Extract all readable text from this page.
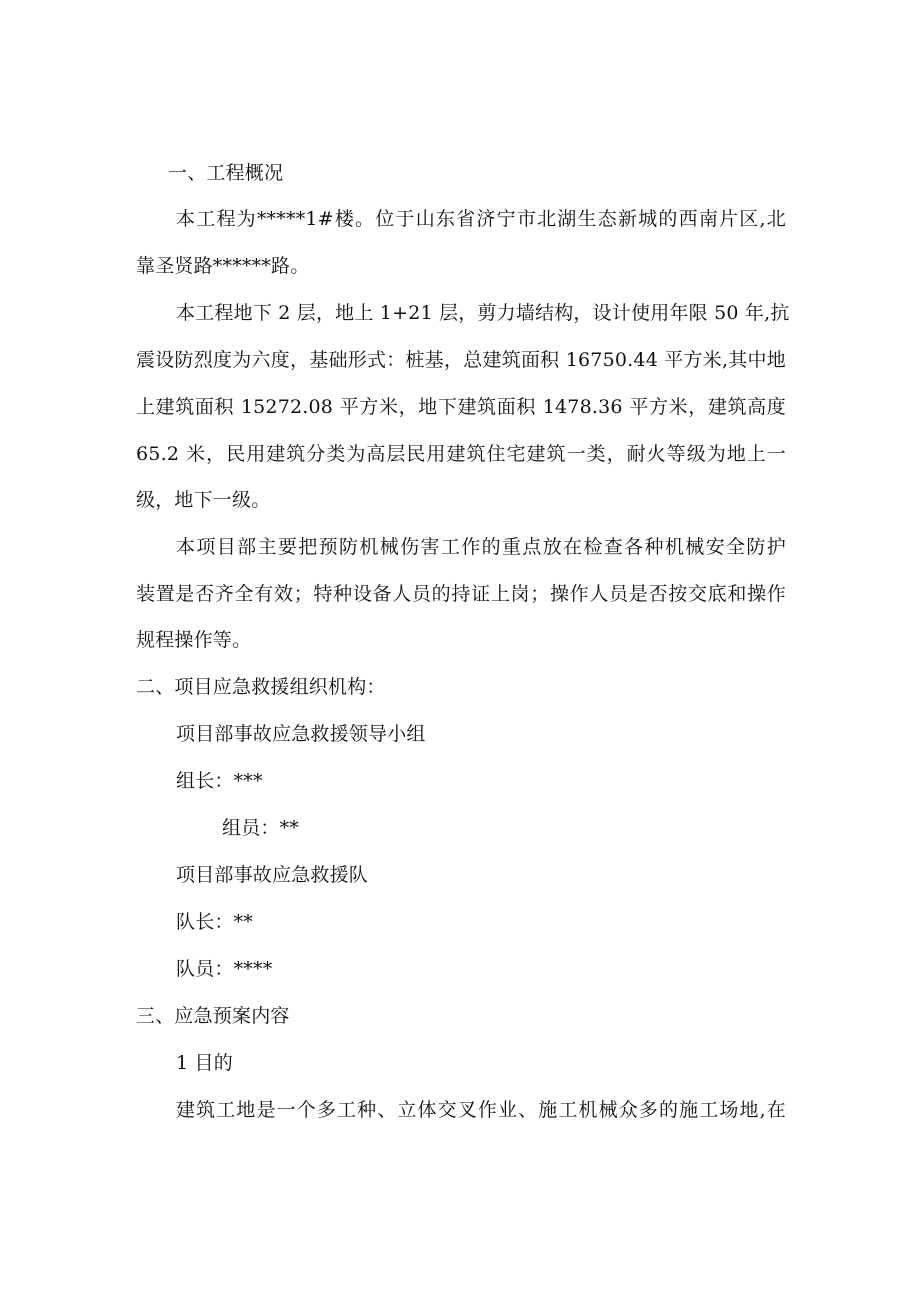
一、工程概况
本工程为*****1#楼。位于山东省济宁市北湖生态新城的西南片区,北
靠圣贤路******路。
本工程地下 2 层，地上 1+21 层，剪力墙结构，设计使用年限 50 年,抗
震设防烈度为六度，基础形式：桩基，总建筑面积 16750.44 平方米,其中地
上建筑面积 15272.08 平方米，地下建筑面积 1478.36 平方米，建筑高度
65.2 米，民用建筑分类为高层民用建筑住宅建筑一类，耐火等级为地上一
级，地下一级。
本项目部主要把预防机械伤害工作的重点放在检查各种机械安全防护
装置是否齐全有效；特种设备人员的持证上岗；操作人员是否按交底和操作
规程操作等。
二、项目应急救援组织机构：
项目部事故应急救援领导小组
组长：***
组员：**
项目部事故应急救援队
队长：**
队员：****
三、应急预案内容
1 目的
建筑工地是一个多工种、立体交叉作业、施工机械众多的施工场地,在
